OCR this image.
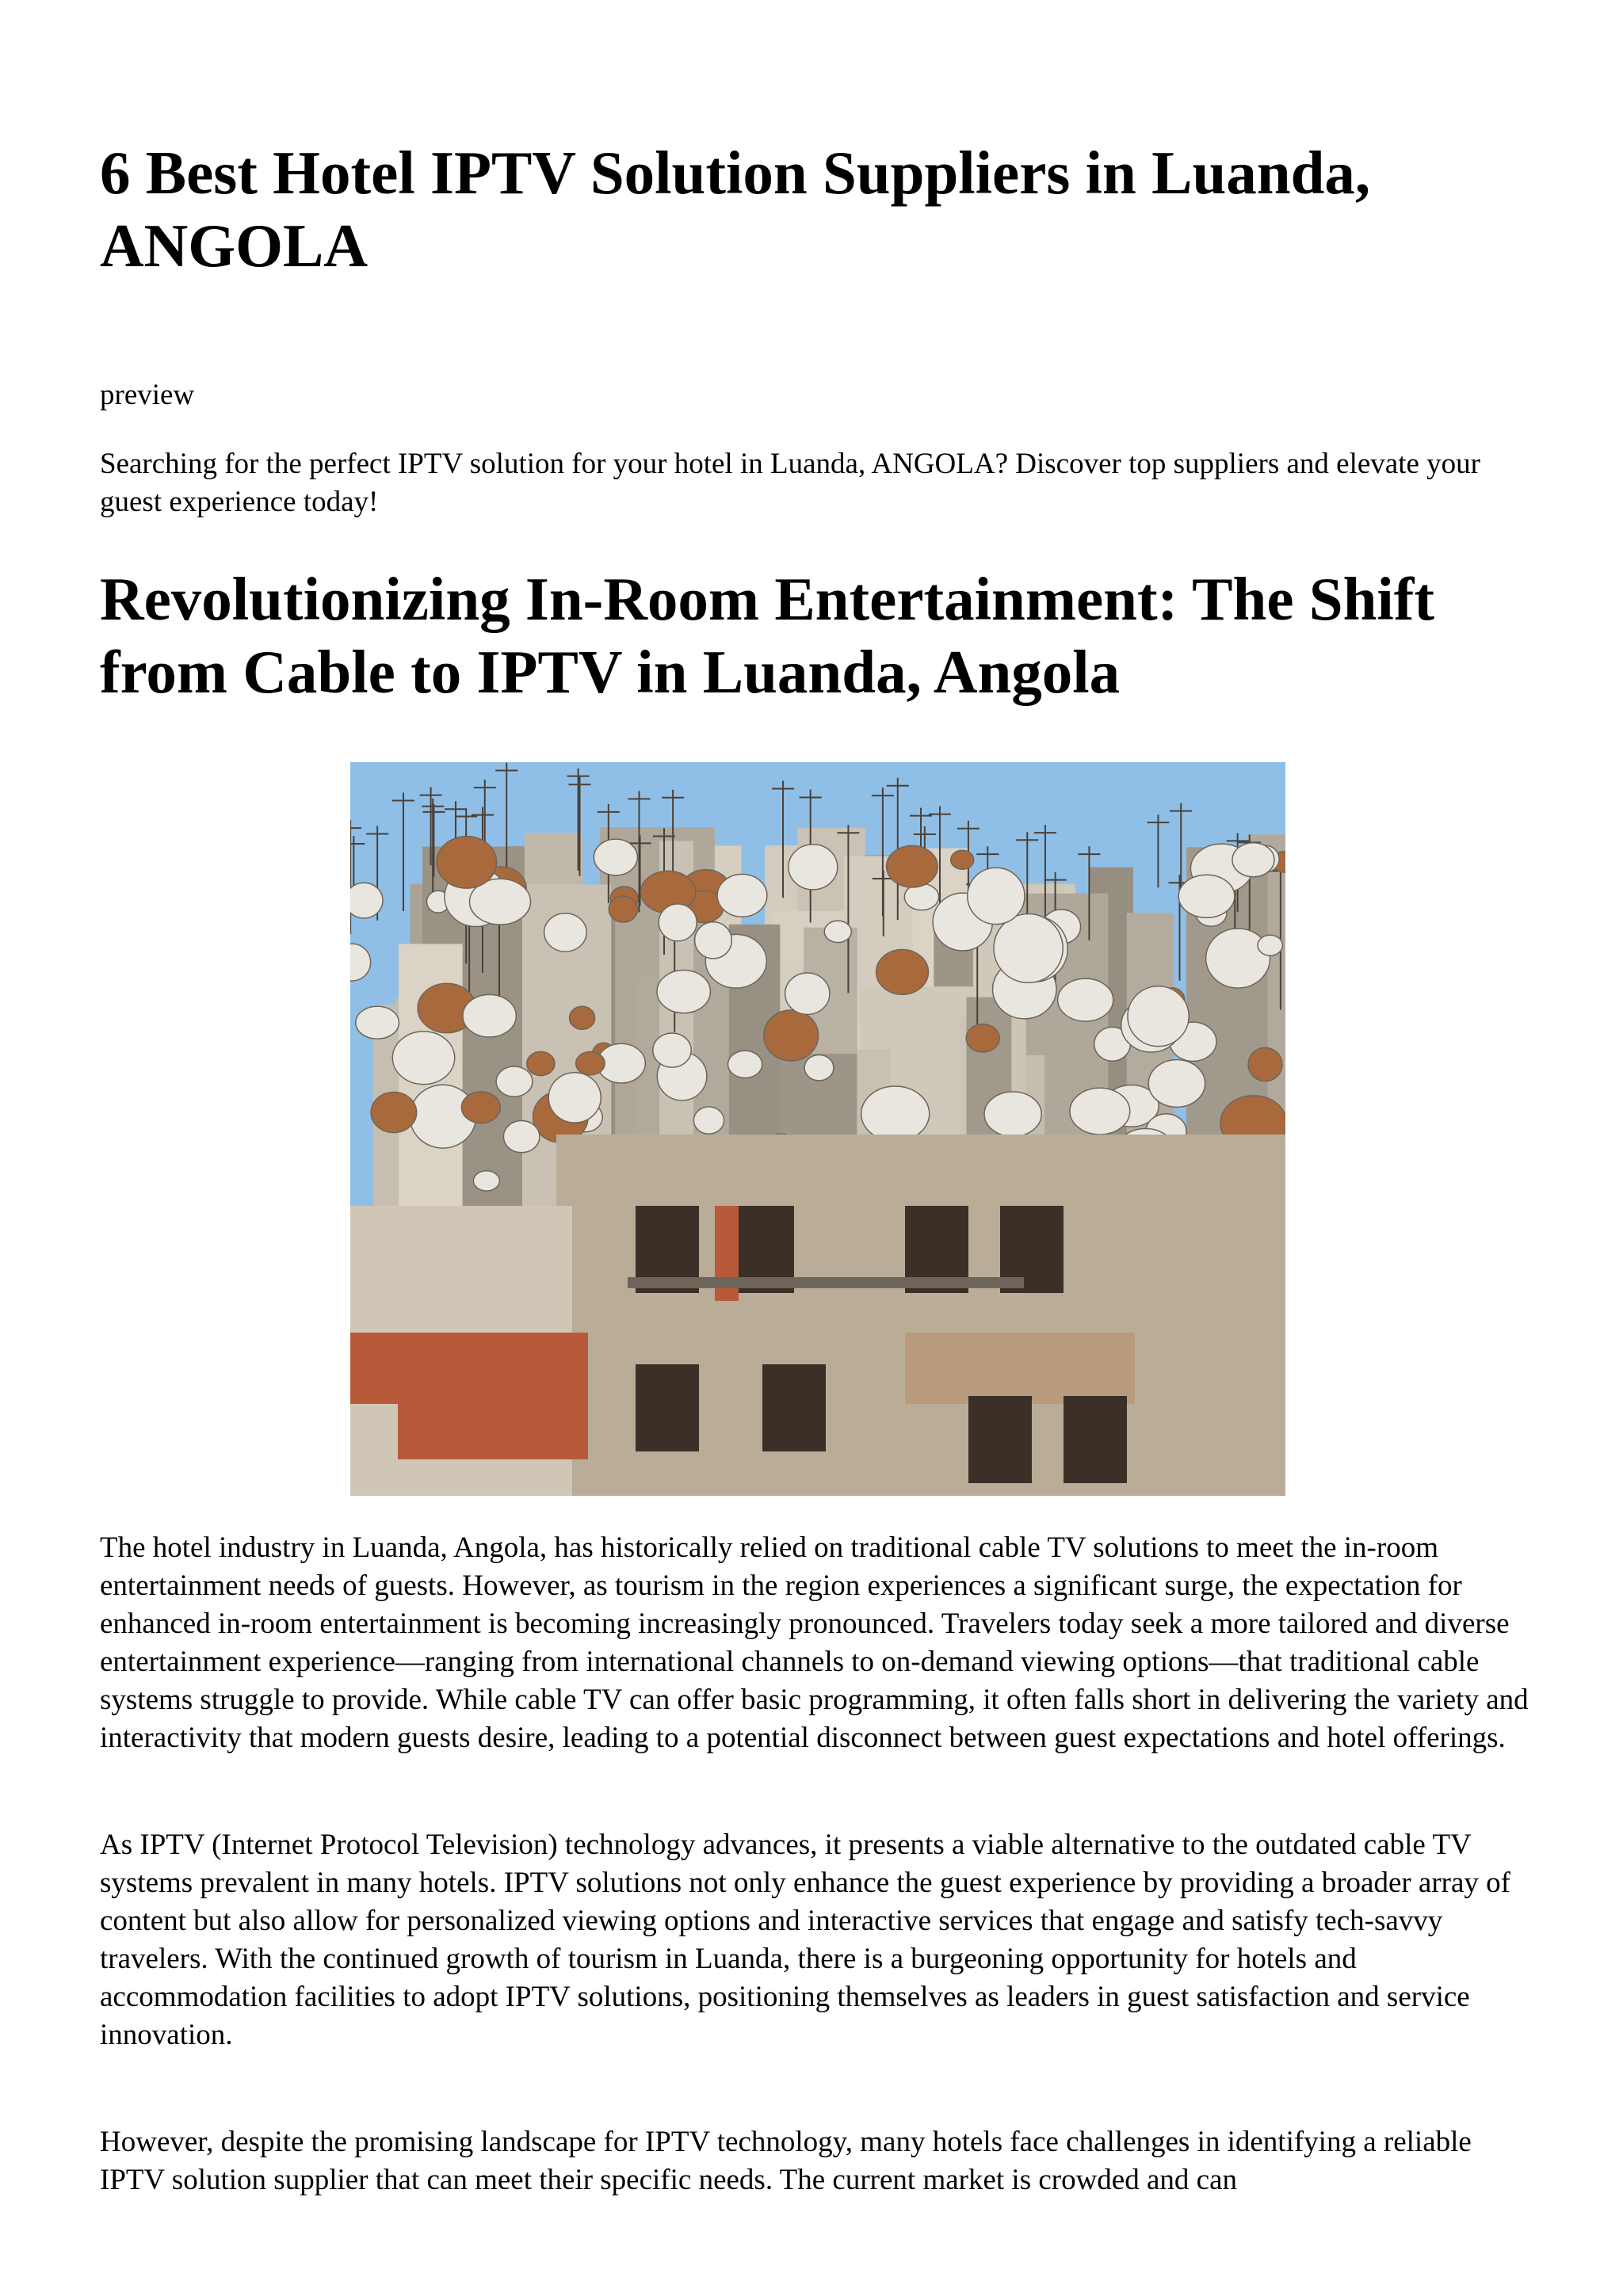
6 Best Hotel IPTV Solution Suppliers in Luanda, ANGOLA

preview

Searching for the perfect IPTV solution for your hotel in Luanda, ANGOLA? Discover top suppliers and elevate your guest experience today!

Revolutionizing In-Room Entertainment: The Shift from Cable to IPTV in Luanda, Angola

The hotel industry in Luanda, Angola, has historically relied on traditional cable TV solutions to meet the in-room entertainment needs of guests. However, as tourism in the region experiences a significant surge, the expectation for enhanced in-room entertainment is becoming increasingly pronounced. Travelers today seek a more tailored and diverse entertainment experience—ranging from international channels to on-demand viewing options—that traditional cable systems struggle to provide. While cable TV can offer basic programming, it often falls short in delivering the variety and interactivity that modern guests desire, leading to a potential disconnect between guest expectations and hotel offerings.

As IPTV (Internet Protocol Television) technology advances, it presents a viable alternative to the outdated cable TV systems prevalent in many hotels. IPTV solutions not only enhance the guest experience by providing a broader array of content but also allow for personalized viewing options and interactive services that engage and satisfy tech-savvy travelers. With the continued growth of tourism in Luanda, there is a burgeoning opportunity for hotels and accommodation facilities to adopt IPTV solutions, positioning themselves as leaders in guest satisfaction and service innovation.

However, despite the promising landscape for IPTV technology, many hotels face challenges in identifying a reliable IPTV solution supplier that can meet their specific needs. The current market is crowded and can
